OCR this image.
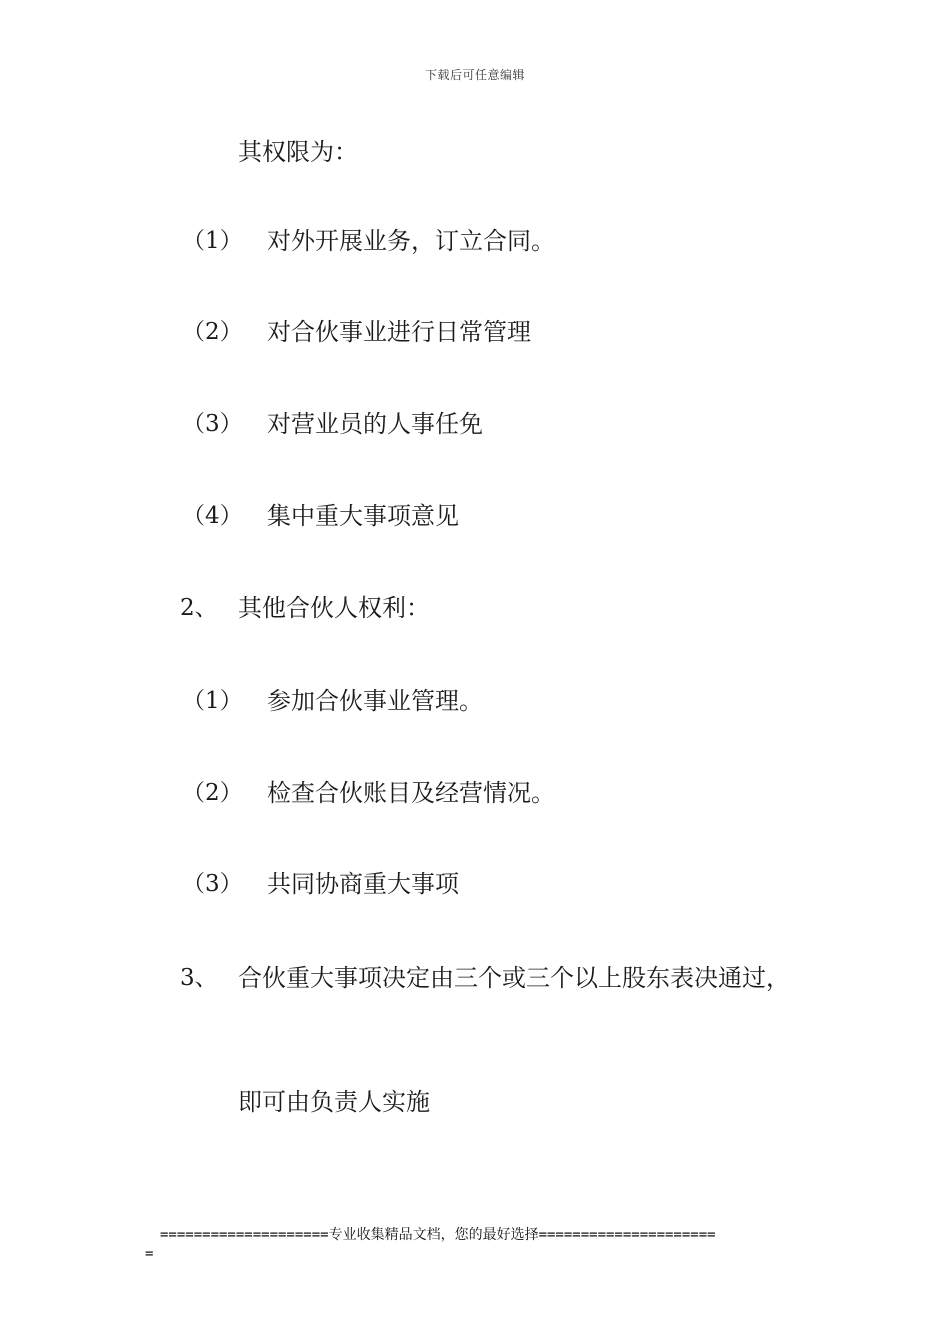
下载后可任意编辑
其权限为：
（1） 对外开展业务，订立合同。
（2） 对合伙事业进行日常管理
（3） 对营业员的人事任免
（4） 集中重大事项意见
2、 其他合伙人权利：
（1） 参加合伙事业管理。
（2） 检查合伙账目及经营情况。
（3） 共同协商重大事项
3、 合伙重大事项决定由三个或三个以上股东表决通过，
即可由负责人实施
====================专业收集精品文档，您的最好选择=====================
=
